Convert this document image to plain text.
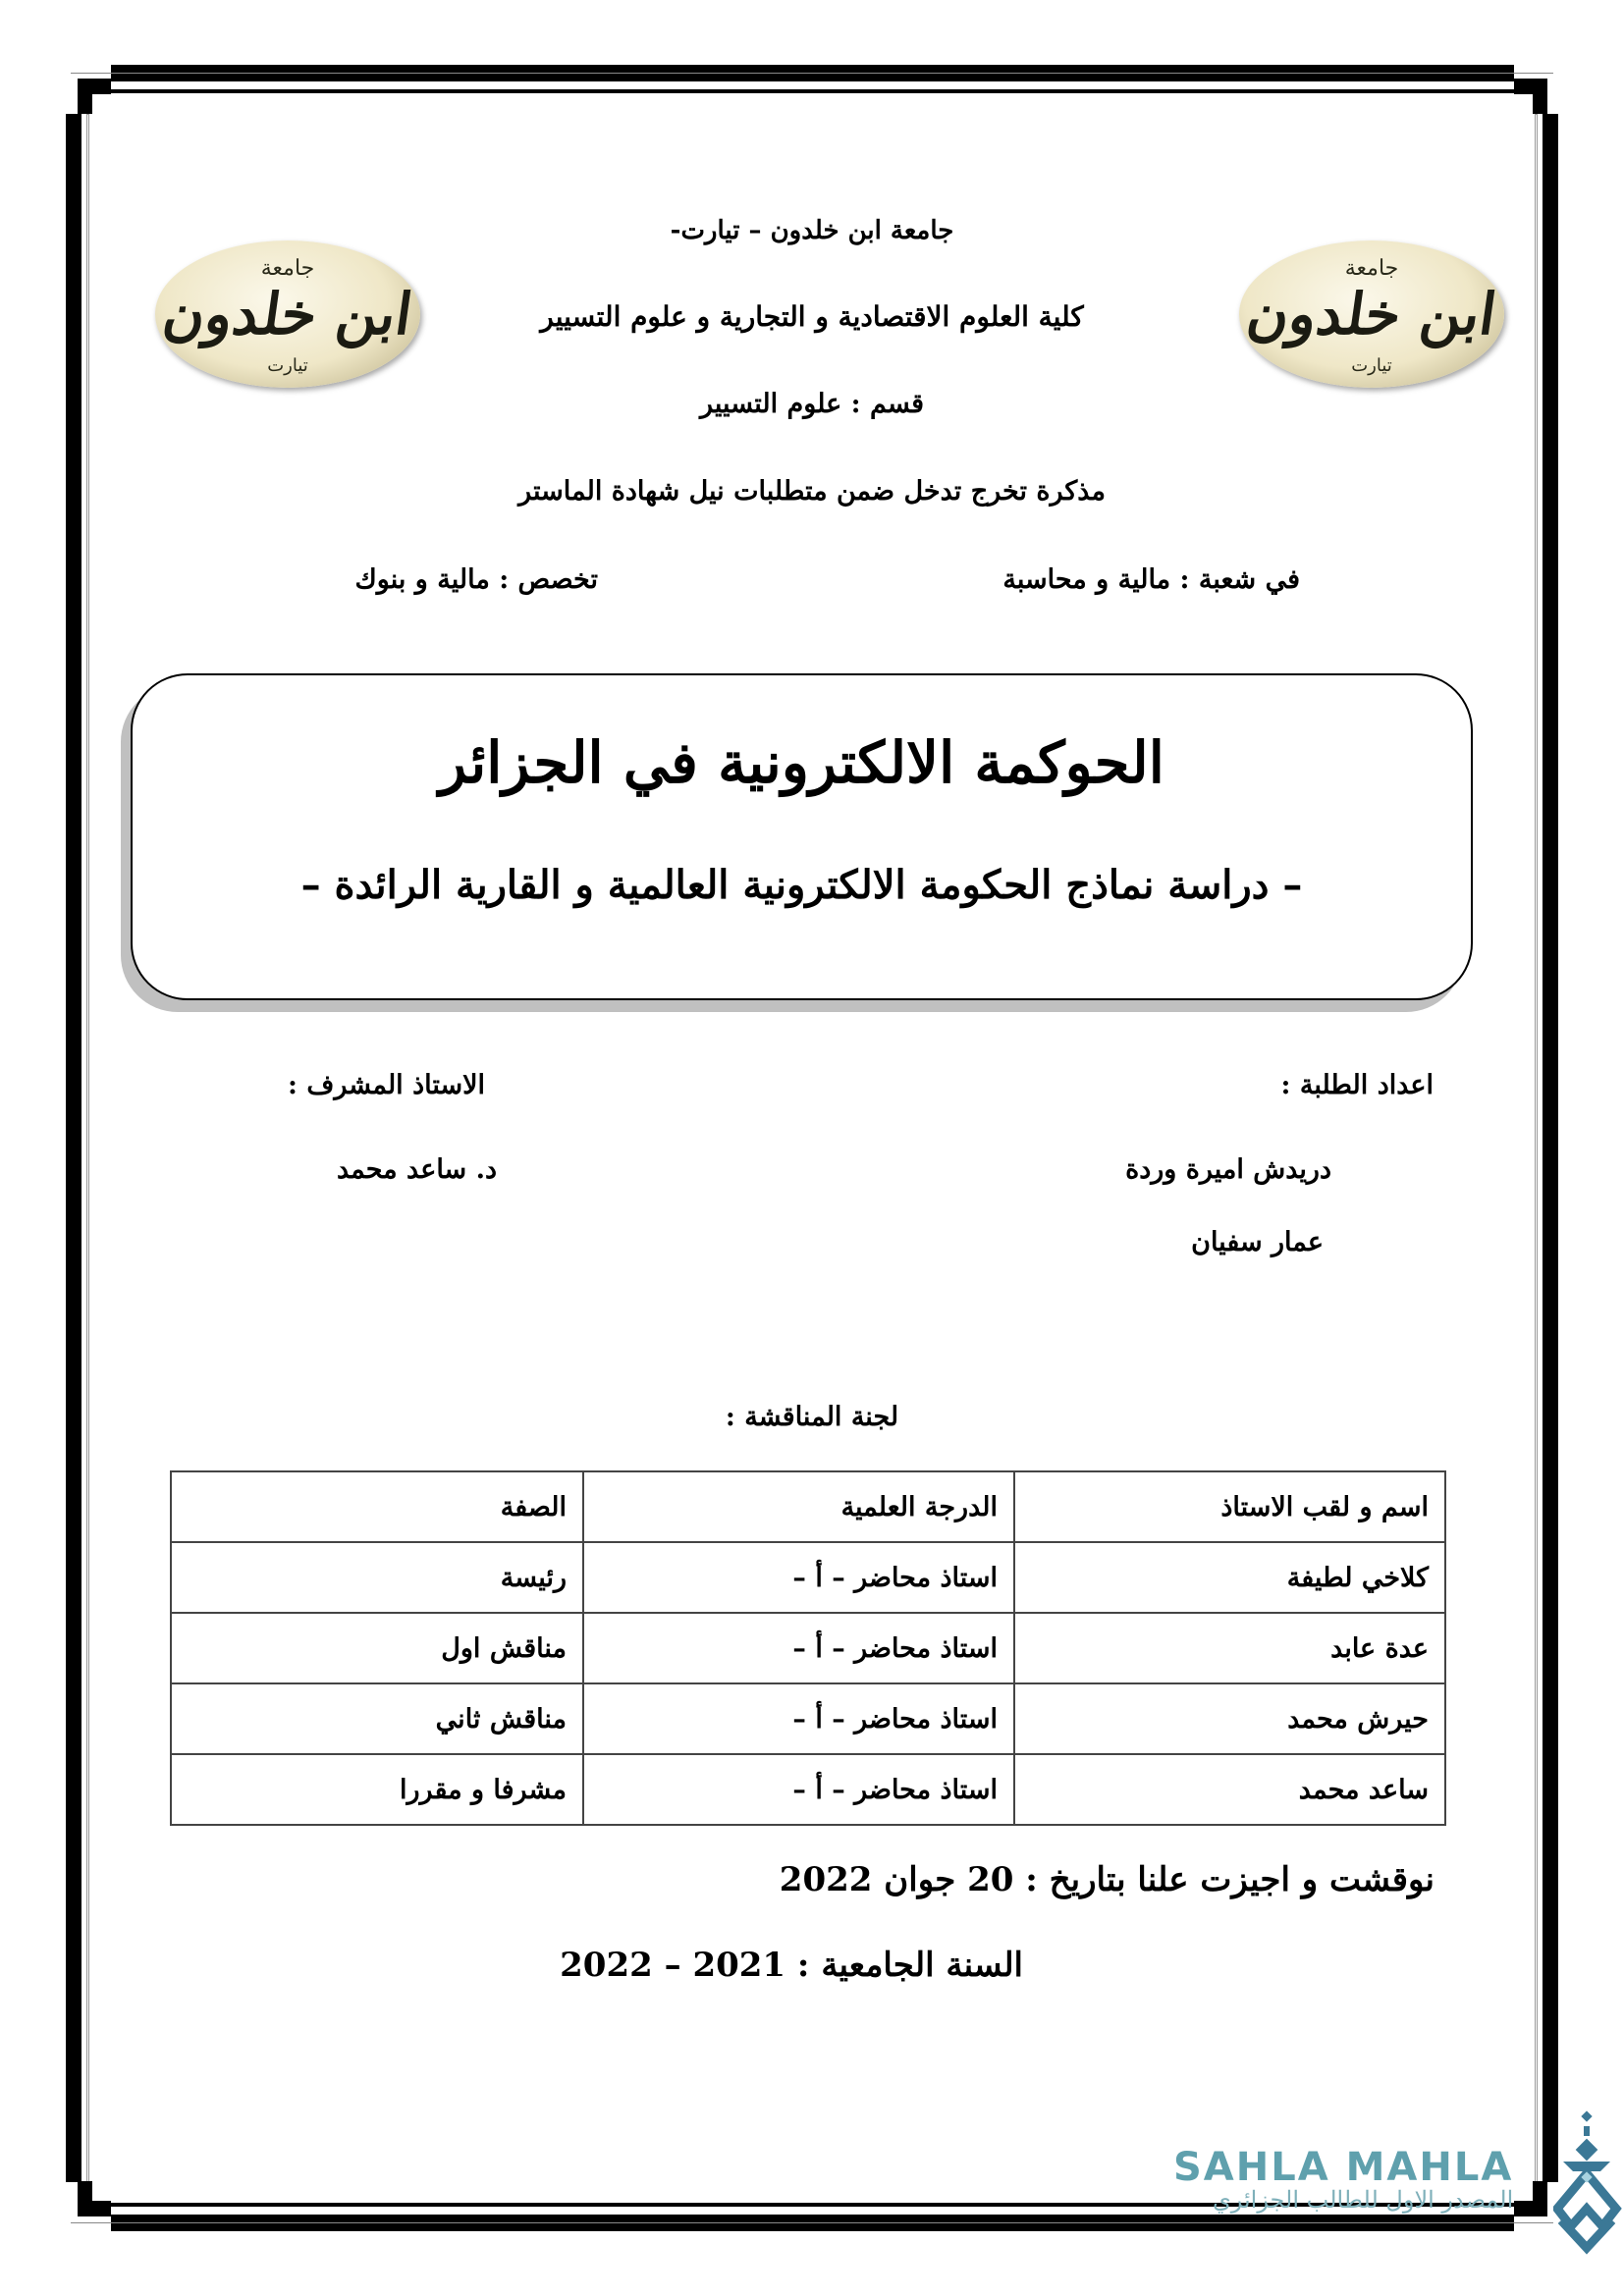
جامعة
ابن خلدون
تيارت
جامعة
ابن خلدون
تيارت
جامعة ابن خلدون – تيارت-
كلية العلوم الاقتصادية و التجارية و علوم التسيير
قسم : علوم التسيير
مذكرة تخرج تدخل ضمن متطلبات نيل شهادة الماستر
في شعبة : مالية و محاسبة
تخصص : مالية و بنوك
الحوكمة الالكترونية في الجزائر
– دراسة نماذج الحكومة الالكترونية العالمية و القارية الرائدة –
اعداد الطلبة :
دريدش اميرة وردة
عمار سفيان
الاستاذ المشرف :
د. ساعد محمد
لجنة المناقشة :
اسم و لقب الاستاذ	الدرجة العلمية	الصفة
كلاخي لطيفة	استاذ محاضر – أ –	رئيسة
عدة عابد	استاذ محاضر – أ –	مناقش اول
حيرش محمد	استاذ محاضر – أ –	مناقش ثاني
ساعد محمد	استاذ محاضر – أ –	مشرفا و مقررا
نوقشت و اجيزت علنا بتاريخ : 20 جوان 2022
السنة الجامعية : 2021 – 2022
SAHLA MAHLA
المصدر الاول للطالب الجزائري
